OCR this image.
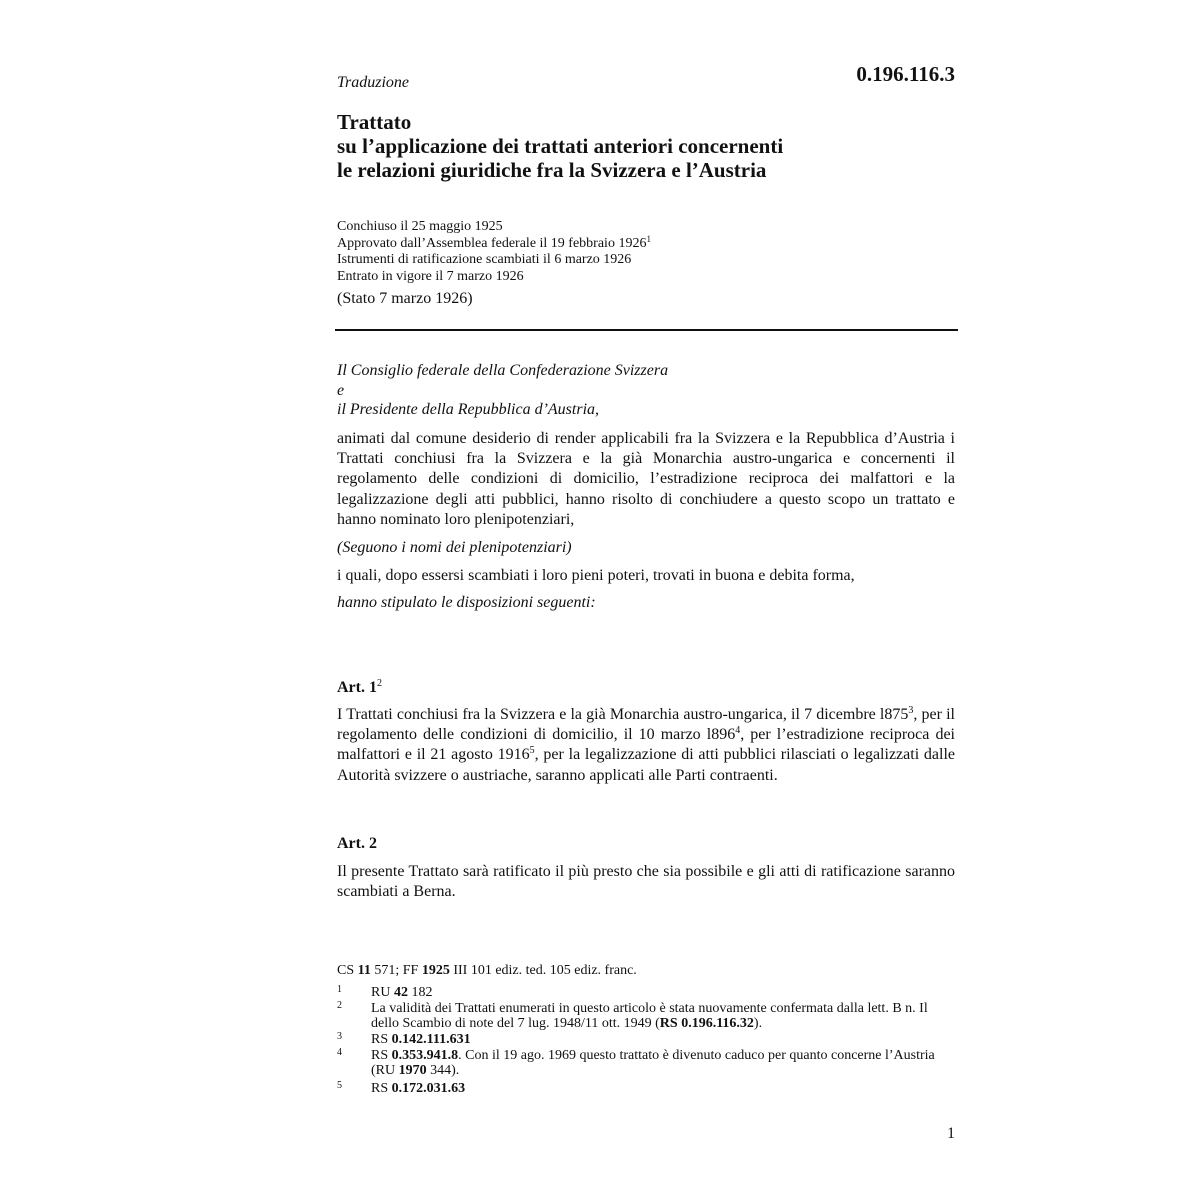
Traduzione	0.196.116.3
Trattato
su l’applicazione dei trattati anteriori concernenti
le relazioni giuridiche fra la Svizzera e l’Austria
Conchiuso il 25 maggio 1925
Approvato dall’Assemblea federale il 19 febbraio 1926$^1$
Istrumenti di ratificazione scambiati il 6 marzo 1926
Entrato in vigore il 7 marzo 1926
(Stato 7 marzo 1926)
Il Consiglio federale della Confederazione Svizzera
e
il Presidente della Repubblica d’Austria,
animati dal comune desiderio di render applicabili fra la Svizzera e la Repubblica d’Austria i Trattati conchiusi fra la Svizzera e la già Monarchia austro-ungarica e concernenti il regolamento delle condizioni di domicilio, l’estradizione reciproca dei malfattori e la legalizzazione degli atti pubblici, hanno risolto di conchiudere a questo scopo un trattato e hanno nominato loro plenipotenziari,
(Seguono i nomi dei plenipotenziari)
i quali, dopo essersi scambiati i loro pieni poteri, trovati in buona e debita forma,
hanno stipulato le disposizioni seguenti:
Art. $1^2$
I Trattati conchiusi fra la Svizzera e la già Monarchia austro-ungarica, il 7 dicembre $l875^3$, per il regolamento delle condizioni di domicilio, il 10 marzo $l896^4$, per l’estradizione reciproca dei malfattori e il 21 agosto 1916$^5$, per la legalizzazione di atti pubblici rilasciati o legalizzati dalle Autorità svizzere o austriache, saranno applicati alle Parti contraenti.
Art. 2
Il presente Trattato sarà ratificato il più presto che sia possibile e gli atti di ratificazione saranno scambiati a Berna.
CS 11 571; FF 1925 III 101 ediz. ted. 105 ediz. franc.
1 RU 42 182
2 La validità dei Trattati enumerati in questo articolo è stata nuovamente confermata dalla lett. B n. Il dello Scambio di note del 7 lug. 1948/11 ott. 1949 (RS 0.196.116.32).
3 RS 0.142.111.631
4 RS 0.353.941.8. Con il 19 ago. 1969 questo trattato è divenuto caduco per quanto concerne l’Austria (RU 1970 344).
5 RS 0.172.031.63
1
